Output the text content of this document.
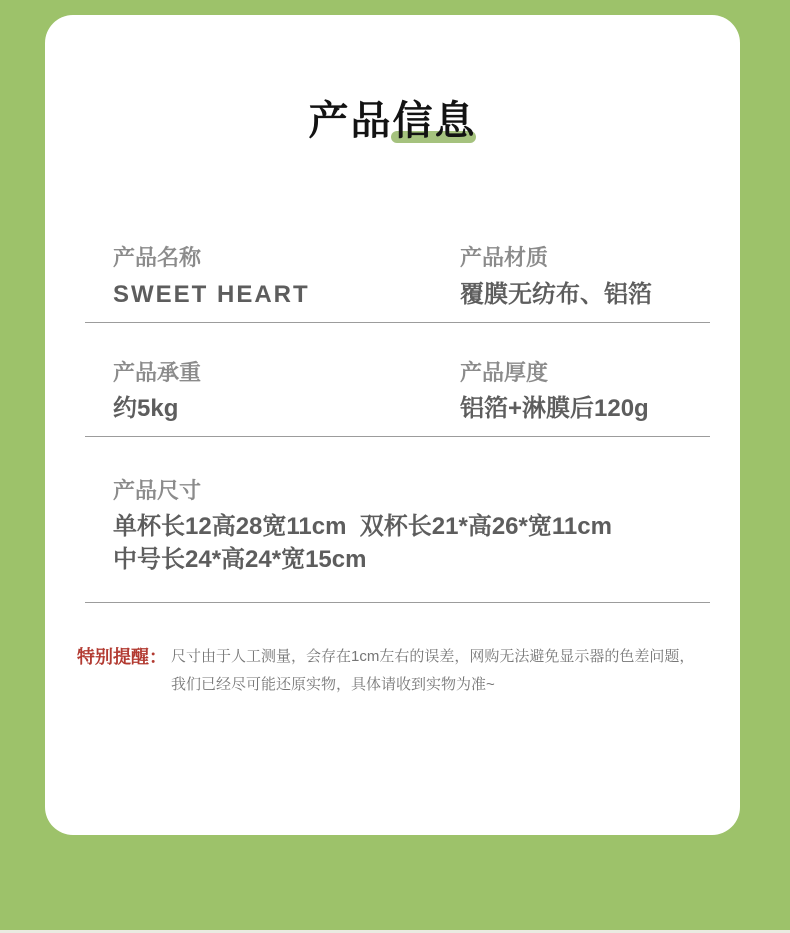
产品信息
产品名称
SWEET HEART
产品材质
覆膜无纺布、铝箔
产品承重
约5kg
产品厚度
铝箔+淋膜后120g
产品尺寸
单杯长12高28宽11cm  双杯长21*高26*宽11cm
中号长24*高24*宽15cm
特别提醒： 尺寸由于人工测量，会存在1cm左右的误差，网购无法避免显示器的色差问题，
我们已经尽可能还原实物，具体请收到实物为准~
